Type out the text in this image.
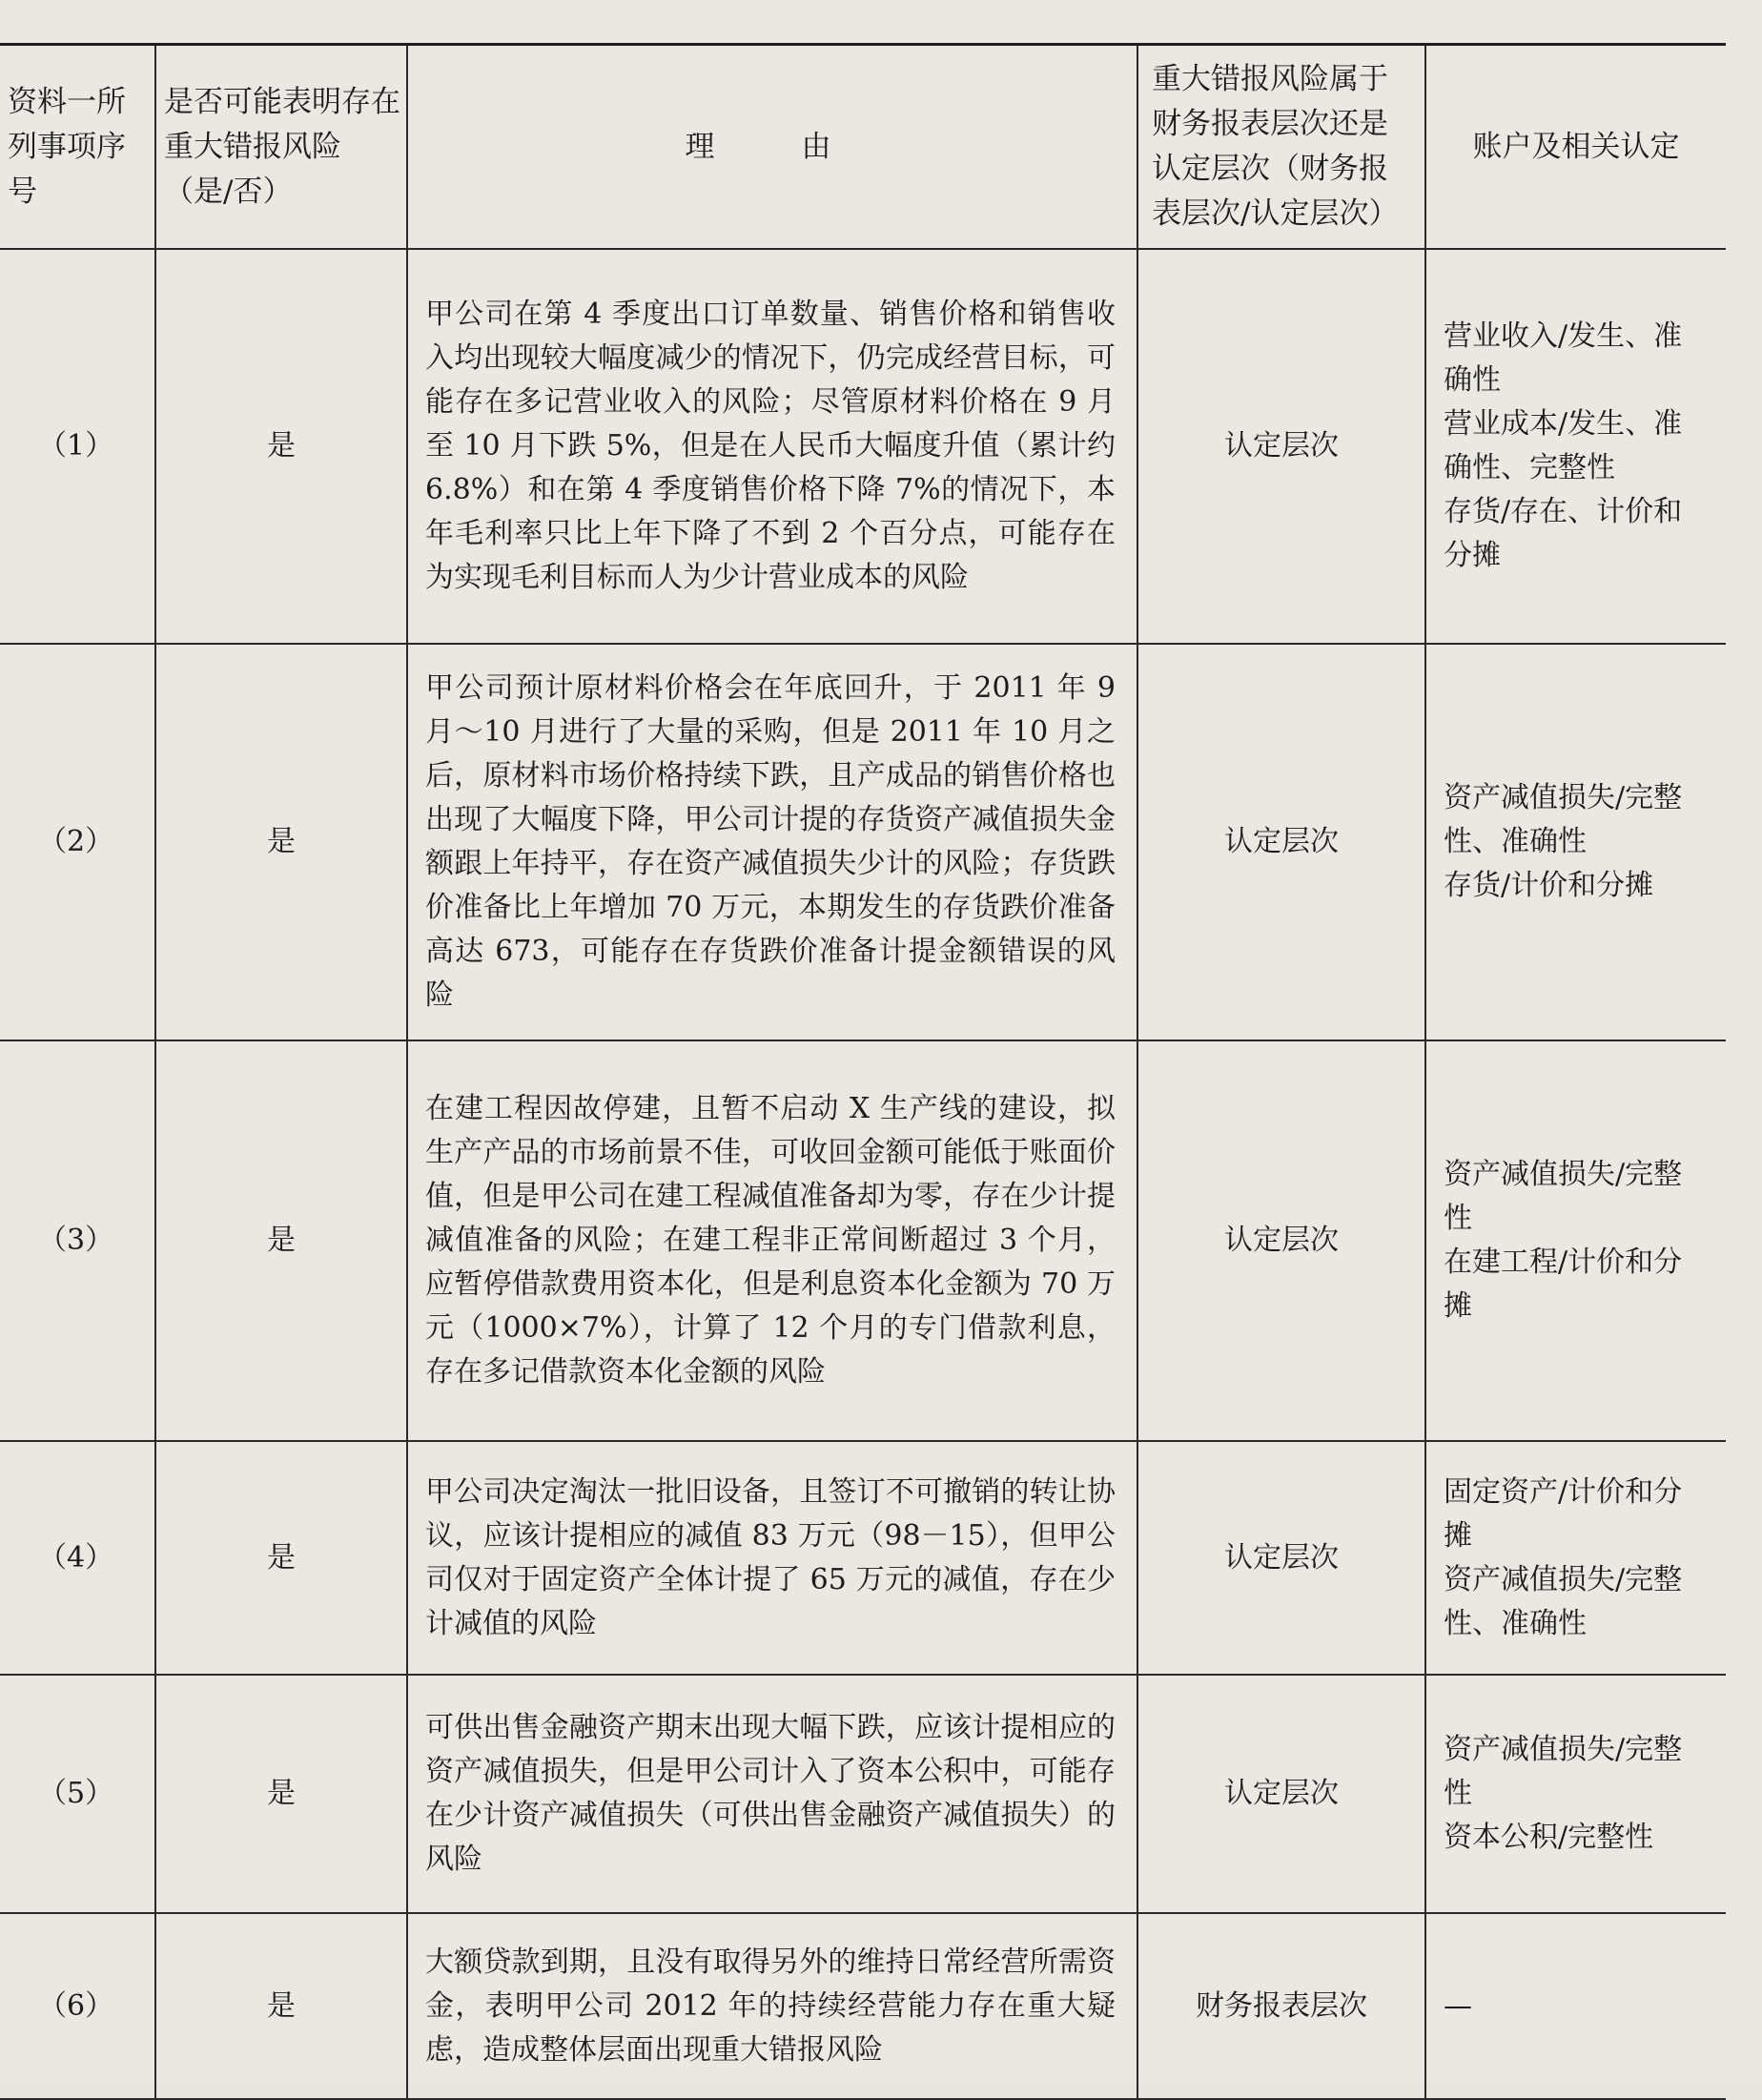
资料一所列事项序号	是否可能表明存在重大错报风险（是/否）	理　由	重大错报风险属于财务报表层次还是认定层次（财务报表层次/认定层次）	账户及相关认定
（1）	是	甲公司在第 4 季度出口订单数量、销售价格和销售收入均出现较大幅度减少的情况下，仍完成经营目标，可能存在多记营业收入的风险；尽管原材料价格在 9 月至 10 月下跌 5%，但是在人民币大幅度升值（累计约 6.8%）和在第 4 季度销售价格下降 7%的情况下，本年毛利率只比上年下降了不到 2 个百分点，可能存在为实现毛利目标而人为少计营业成本的风险	认定层次	营业收入/发生、准确性
营业成本/发生、准确性、完整性
存货/存在、计价和分摊

（2）	是	甲公司预计原材料价格会在年底回升，于 2011 年 9 月～10 月进行了大量的采购，但是 2011 年 10 月之后，原材料市场价格持续下跌，且产成品的销售价格也出现了大幅度下降，甲公司计提的存货资产减值损失金额跟上年持平，存在资产减值损失少计的风险；存货跌价准备比上年增加 70 万元，本期发生的存货跌价准备高达 673，可能存在存货跌价准备计提金额错误的风险	认定层次	资产减值损失/完整性、准确性
存货/计价和分摊

（3）	是	在建工程因故停建，且暂不启动 X 生产线的建设，拟生产产品的市场前景不佳，可收回金额可能低于账面价值，但是甲公司在建工程减值准备却为零，存在少计提减值准备的风险；在建工程非正常间断超过 3 个月，应暂停借款费用资本化，但是利息资本化金额为 70 万元（1000×7%），计算了 12 个月的专门借款利息，存在多记借款资本化金额的风险	认定层次	资产减值损失/完整性
在建工程/计价和分摊

（4）	是	甲公司决定淘汰一批旧设备，且签订不可撤销的转让协议，应该计提相应的减值 83 万元（98－15），但甲公司仅对于固定资产全体计提了 65 万元的减值，存在少计减值的风险	认定层次	固定资产/计价和分摊
资产减值损失/完整性、准确性

（5）	是	可供出售金融资产期末出现大幅下跌，应该计提相应的资产减值损失，但是甲公司计入了资本公积中，可能存在少计资产减值损失（可供出售金融资产减值损失）的风险	认定层次	资产减值损失/完整性
资本公积/完整性

（6）	是	大额贷款到期，且没有取得另外的维持日常经营所需资金，表明甲公司 2012 年的持续经营能力存在重大疑虑，造成整体层面出现重大错报风险	财务报表层次	—
